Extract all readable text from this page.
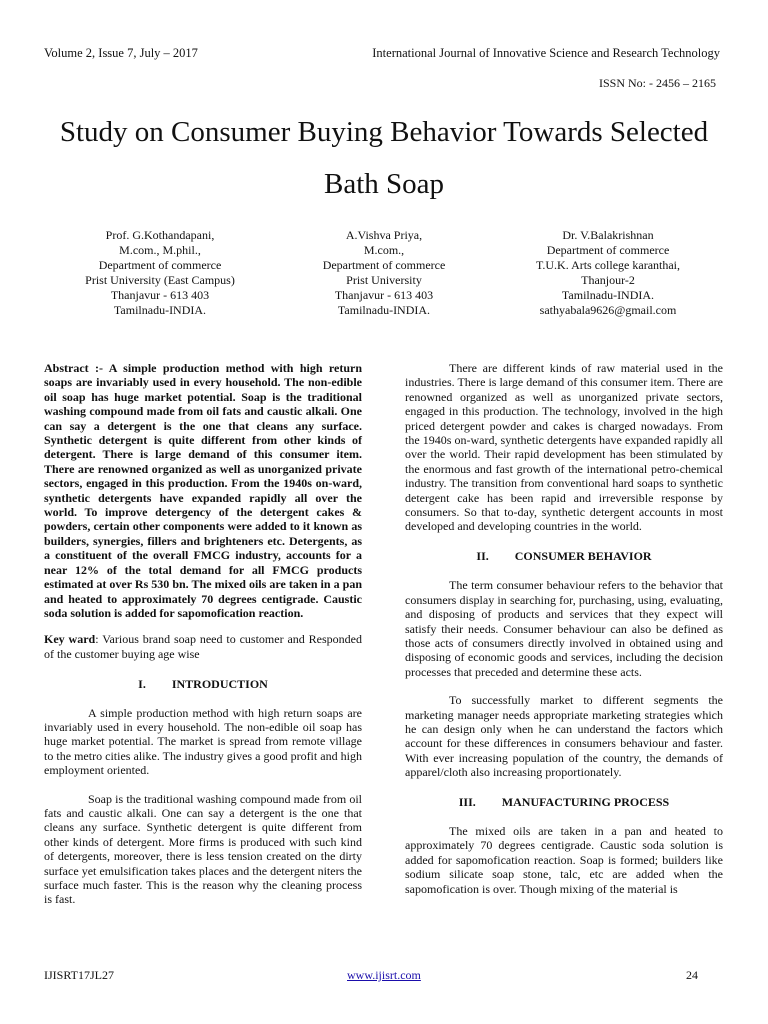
Volume 2, Issue 7, July – 2017	International Journal of Innovative Science and Research Technology
ISSN No: - 2456 – 2165
Study on Consumer Buying Behavior Towards Selected
Bath Soap
Prof. G.Kothandapani,
M.com., M.phil.,
Department of commerce
Prist University (East Campus)
Thanjavur - 613 403
Tamilnadu-INDIA.
A.Vishva Priya,
M.com.,
Department of commerce
Prist University
Thanjavur - 613 403
Tamilnadu-INDIA.
Dr. V.Balakrishnan
Department of commerce
T.U.K. Arts college karanthai,
Thanjour-2
Tamilnadu-INDIA.
sathyabala9626@gmail.com

Abstract :- A simple production method with high return soaps are invariably used in every household. The non-edible oil soap has huge market potential. Soap is the traditional washing compound made from oil fats and caustic alkali. One can say a detergent is the one that cleans any surface. Synthetic detergent is quite different from other kinds of detergent. There is large demand of this consumer item. There are renowned organized as well as unorganized private sectors, engaged in this production. From the 1940s on-ward, synthetic detergents have expanded rapidly all over the world. To improve detergency of the detergent cakes & powders, certain other components were added to it known as builders, synergies, fillers and brighteners etc. Detergents, as a constituent of the overall FMCG industry, accounts for a near 12% of the total demand for all FMCG products estimated at over Rs 530 bn. The mixed oils are taken in a pan and heated to approximately 70 degrees centigrade. Caustic soda solution is added for sapomofication reaction.

Key ward: Various brand soap need to customer and Responded of the customer buying age wise

I. INTRODUCTION

A simple production method with high return soaps are invariably used in every household. The non-edible oil soap has huge market potential. The market is spread from remote village to the metro cities alike. The industry gives a good profit and high employment oriented.

Soap is the traditional washing compound made from oil fats and caustic alkali. One can say a detergent is the one that cleans any surface. Synthetic detergent is quite different from other kinds of detergent. More firms is produced with such kind of detergents, moreover, there is less tension created on the dirty surface yet emulsification takes places and the detergent niters the surface much faster. This is the reason why the cleaning process is fast.

There are different kinds of raw material used in the industries. There is large demand of this consumer item. There are renowned organized as well as unorganized private sectors, engaged in this production. The technology, involved in the high priced detergent powder and cakes is charged nowadays. From the 1940s on-ward, synthetic detergents have expanded rapidly all over the world. Their rapid development has been stimulated by the enormous and fast growth of the international petro-chemical industry. The transition from conventional hard soaps to synthetic detergent cake has been rapid and irreversible response by consumers. So that to-day, synthetic detergent accounts in most developed and developing countries in the world.

II. CONSUMER BEHAVIOR

The term consumer behaviour refers to the behavior that consumers display in searching for, purchasing, using, evaluating, and disposing of products and services that they expect will satisfy their needs. Consumer behaviour can also be defined as those acts of consumers directly involved in obtained using and disposing of economic goods and services, including the decision processes that preceded and determine these acts.

To successfully market to different segments the marketing manager needs appropriate marketing strategies which he can design only when he can understand the factors which account for these differences in consumers behaviour and faster. With ever increasing population of the country, the demands of apparel/cloth also increasing proportionately.

III. MANUFACTURING PROCESS

The mixed oils are taken in a pan and heated to approximately 70 degrees centigrade. Caustic soda solution is added for sapomofication reaction. Soap is formed; builders like sodium silicate soap stone, talc, etc are added when the sapomofication is over. Though mixing of the material is

IJISRT17JL27	www.ijisrt.com	24
